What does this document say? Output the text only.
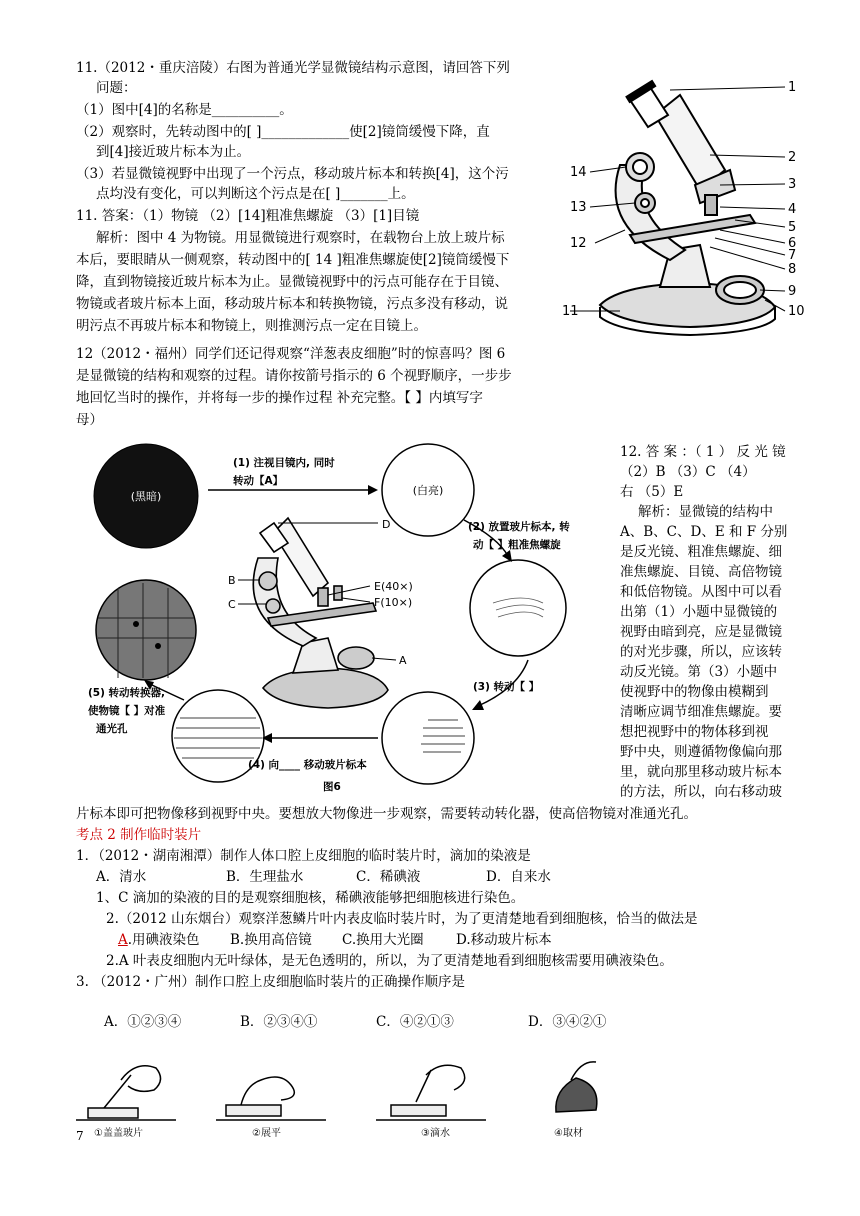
11.（2012・重庆涪陵）右图为普通光学显微镜结构示意图，请回答下列
问题：
（1）图中[4]的名称是__________。
（2）观察时，先转动图中的[ ]_____________使[2]镜筒缓慢下降，直
到[4]接近玻片标本为止。
（3）若显微镜视野中出现了一个污点，移动玻片标本和转换[4]，这个污
点均没有变化，可以判断这个污点是在[ ]_______上。
11. 答案：（1）物镜 （2）[14]粗准焦螺旋 （3）[1]目镜
解析：图中 4 为物镜。用显微镜进行观察时，在载物台上放上玻片标
本后，要眼睛从一侧观察，转动图中的[ 14 ]粗准焦螺旋使[2]镜筒缓慢下
降，直到物镜接近玻片标本为止。显微镜视野中的污点可能存在于目镜、
物镜或者玻片标本上面，移动玻片标本和转换物镜，污点多没有移动，说
明污点不再玻片标本和物镜上，则推测污点一定在目镜上。
1
2
3
4
5
6
7
8
9
10
11
12
13
14
12（2012・福州）同学们还记得观察“洋葱表皮细胞”时的惊喜吗？图 6
是显微镜的结构和观察的过程。请你按箭号指示的 6 个视野顺序，一步步
地回忆当时的操作，并将每一步的操作过程 补充完整。【 】内填写字
母）
(黑暗)	(白亮)
D
B
C
E(40×)
F(10×)
A
(1) 注视目镜内, 同时
转动【A】
(2) 放置玻片标本, 转
动【 】粗准焦螺旋
(3) 转动【 】
(4) 向____ 移动玻片标本
(5) 转动转换器,
使物镜【 】对准
通光孔
图6
12. 答 案 ：（ 1 ） 反 光 镜
（2）B （3）C （4）
右 （5）E
解析：显微镜的结构中
A、B、C、D、E 和 F 分别
是反光镜、粗准焦螺旋、细
准焦螺旋、目镜、高倍物镜
和低倍物镜。从图中可以看
出第（1）小题中显微镜的
视野由暗到亮，应是显微镜
的对光步骤，所以，应该转
动反光镜。第（3）小题中
使视野中的物像由模糊到
清晰应调节细准焦螺旋。要
想把视野中的物体移到视
野中央，则遵循物像偏向那
里，就向那里移动玻片标本
的方法，所以，向右移动玻
片标本即可把物像移到视野中央。要想放大物像进一步观察，需要转动转化器，使高倍物镜对准通光孔。
考点 2 制作临时装片
1．（2012・湖南湘潭）制作人体口腔上皮细胞的临时装片时，滴加的染液是
A．清水	B．生理盐水	C．稀碘液	D．自来水
1、C 滴加的染液的目的是观察细胞核，稀碘液能够把细胞核进行染色。
2.（2012 山东烟台）观察洋葱鳞片叶内表皮临时装片时，为了更清楚地看到细胞核，恰当的做法是
A.用碘液染色 B.换用高倍镜 C.换用大光圈 D.移动玻片标本
2.A 叶表皮细胞内无叶绿体，是无色透明的，所以，为了更清楚地看到细胞核需要用碘液染色。
3. （2012・广州）制作口腔上皮细胞临时装片的正确操作顺序是
A．①②③④	B．②③④①	C．④②①③	D．③④②①
①盖盖玻片	②展平	③滴水	④取材
7
